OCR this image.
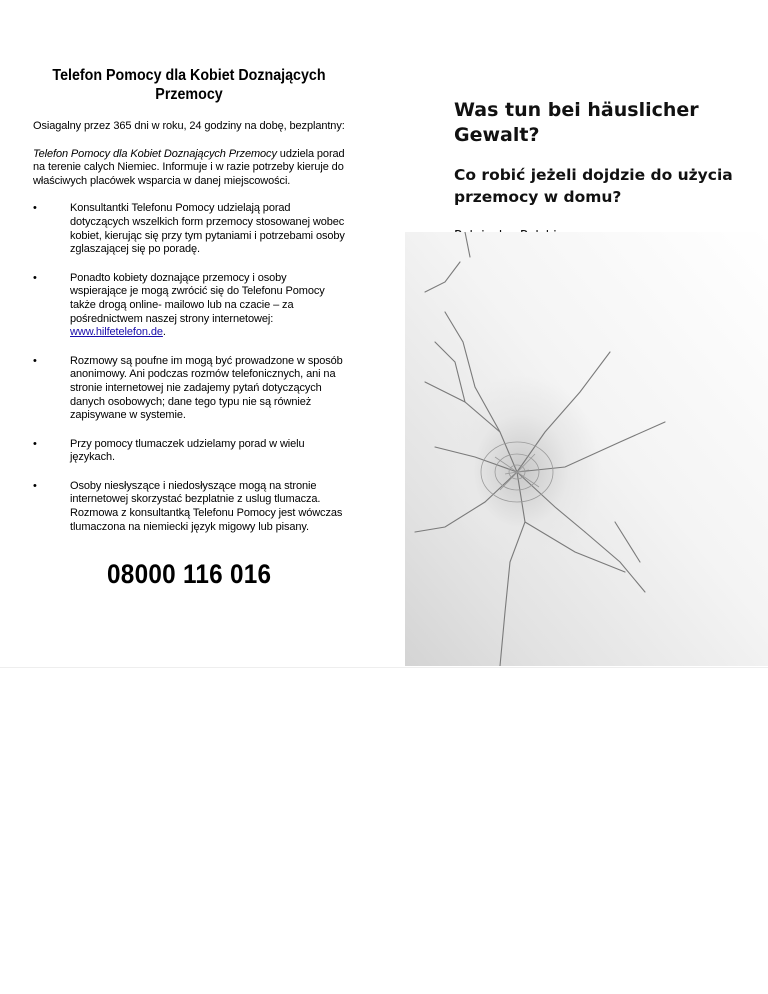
Telefon Pomocy dla Kobiet Doznających Przemocy

Osiagalny przez 365 dni w roku, 24 godziny na dobę, bezplantny:

Telefon Pomocy dla Kobiet Doznających Przemocy udziela porad na terenie calych Niemiec. Informuje i w razie potrzeby kieruje do właściwych placówek wsparcia w danej miejscowości.

•	Konsultantki Telefonu Pomocy udzielają porad dotyczących wszelkich form przemocy stosowanej wobec kobiet, kierując się przy tym pytaniami i potrzebami osoby zglaszającej się po poradę.
•	Ponadto kobiety doznające przemocy i osoby wspierające je mogą zwrócić się do Telefonu Pomocy także drogą online- mailowo lub na czacie – za pośrednictwem naszej strony internetowej: www.hilfetelefon.de.
•	Rozmowy są poufne im mogą być prowadzone w sposób anonimowy. Ani podczas rozmów telefonicznych, ani na stronie internetowej nie zadajemy pytań dotyczących danych osobowych; dane tego typu nie są również zapisywane w systemie.
•	Przy pomocy tlumaczek udzielamy porad w wielu językach.
•	Osoby niesłyszące i niedosłyszące mogą na stronie internetowej skorzystać bezplatnie z uslug tlumacza. Rozmowa z konsultantką Telefonu Pomocy jest wówczas tlumaczona na niemiecki język migowy lub pisany.
08000 116 016
Was tun bei häuslicher Gewalt?
Co robić jeżeli dojdzie do użycia przemocy w domu?
